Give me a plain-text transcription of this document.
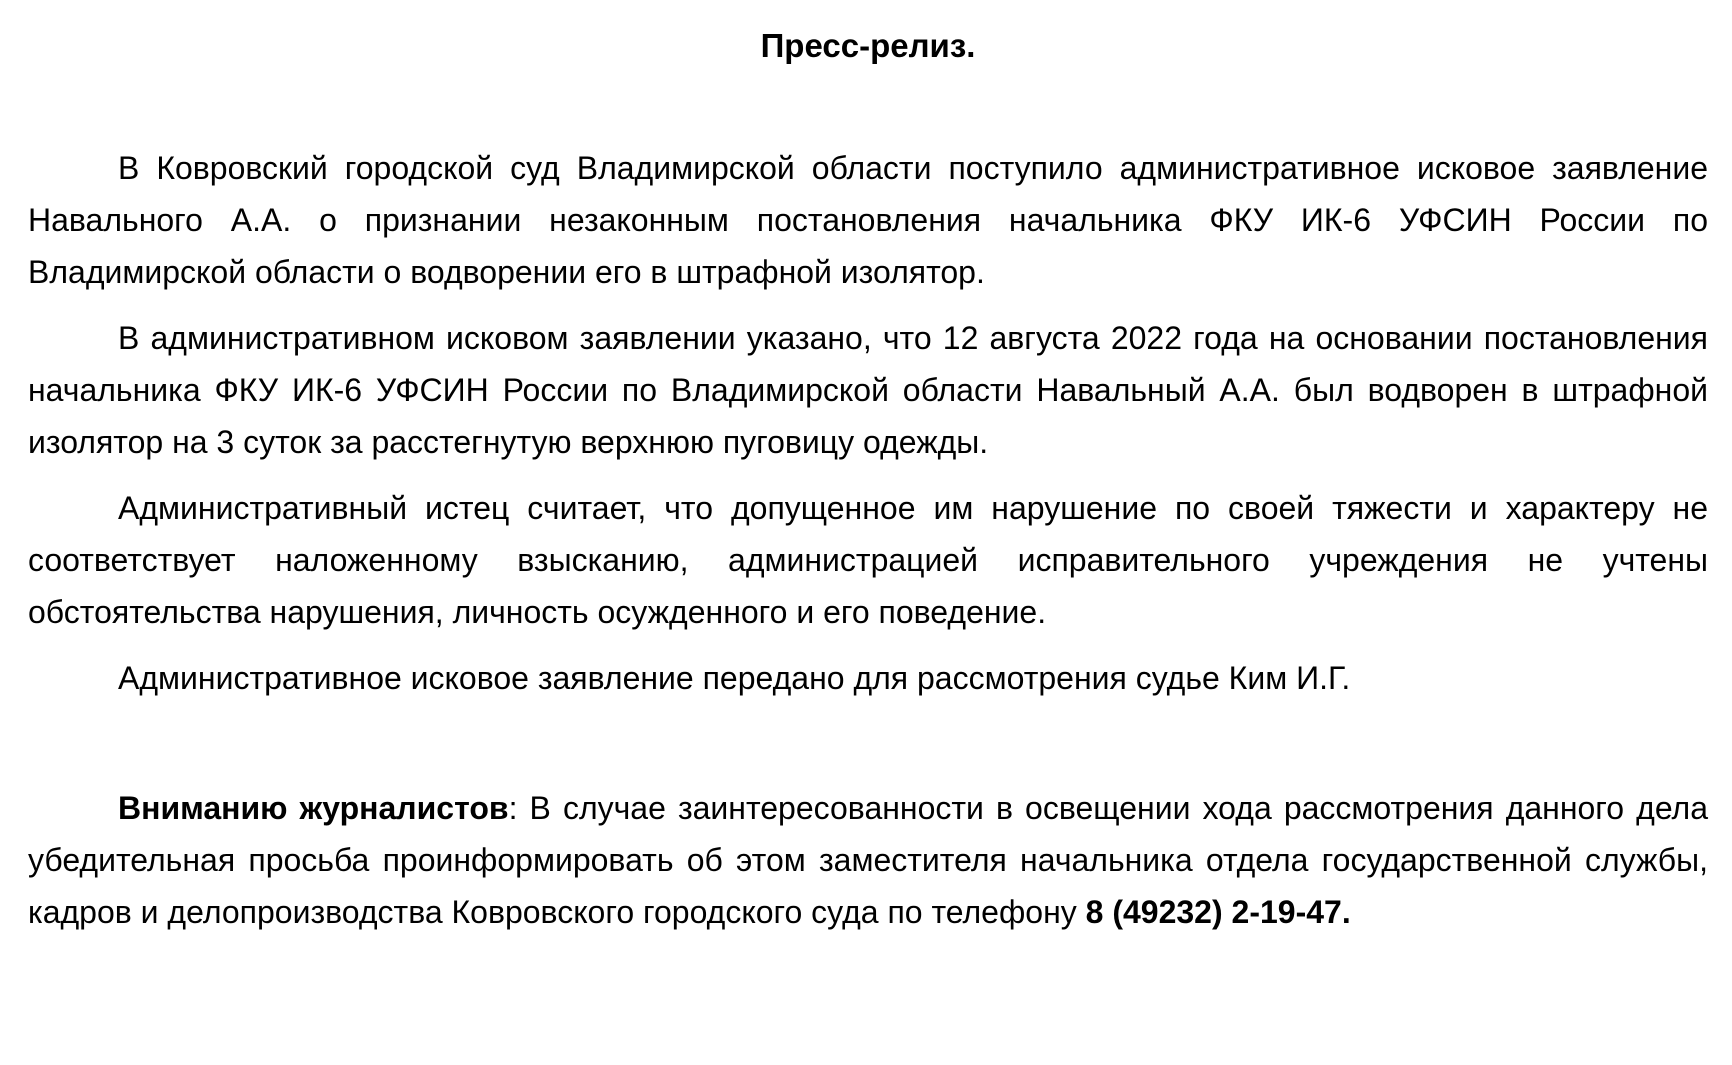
Пресс-релиз.

В Ковровский городской суд Владимирской области поступило административное исковое заявление Навального А.А. о признании незаконным постановления начальника ФКУ ИК-6 УФСИН России по Владимирской области о водворении его в штрафной изолятор.

В административном исковом заявлении указано, что 12 августа 2022 года на основании постановления начальника ФКУ ИК-6 УФСИН России по Владимирской области Навальный А.А. был водворен в штрафной изолятор на 3 суток за расстегнутую верхнюю пуговицу одежды.

Административный истец считает, что допущенное им нарушение по своей тяжести и характеру не соответствует наложенному взысканию, администрацией исправительного учреждения не учтены обстоятельства нарушения, личность осужденного и его поведение.

Административное исковое заявление передано для рассмотрения судье Ким И.Г.

Вниманию журналистов: В случае заинтересованности в освещении хода рассмотрения данного дела убедительная просьба проинформировать об этом заместителя начальника отдела государственной службы, кадров и делопроизводства Ковровского городского суда по телефону 8 (49232) 2-19-47.
